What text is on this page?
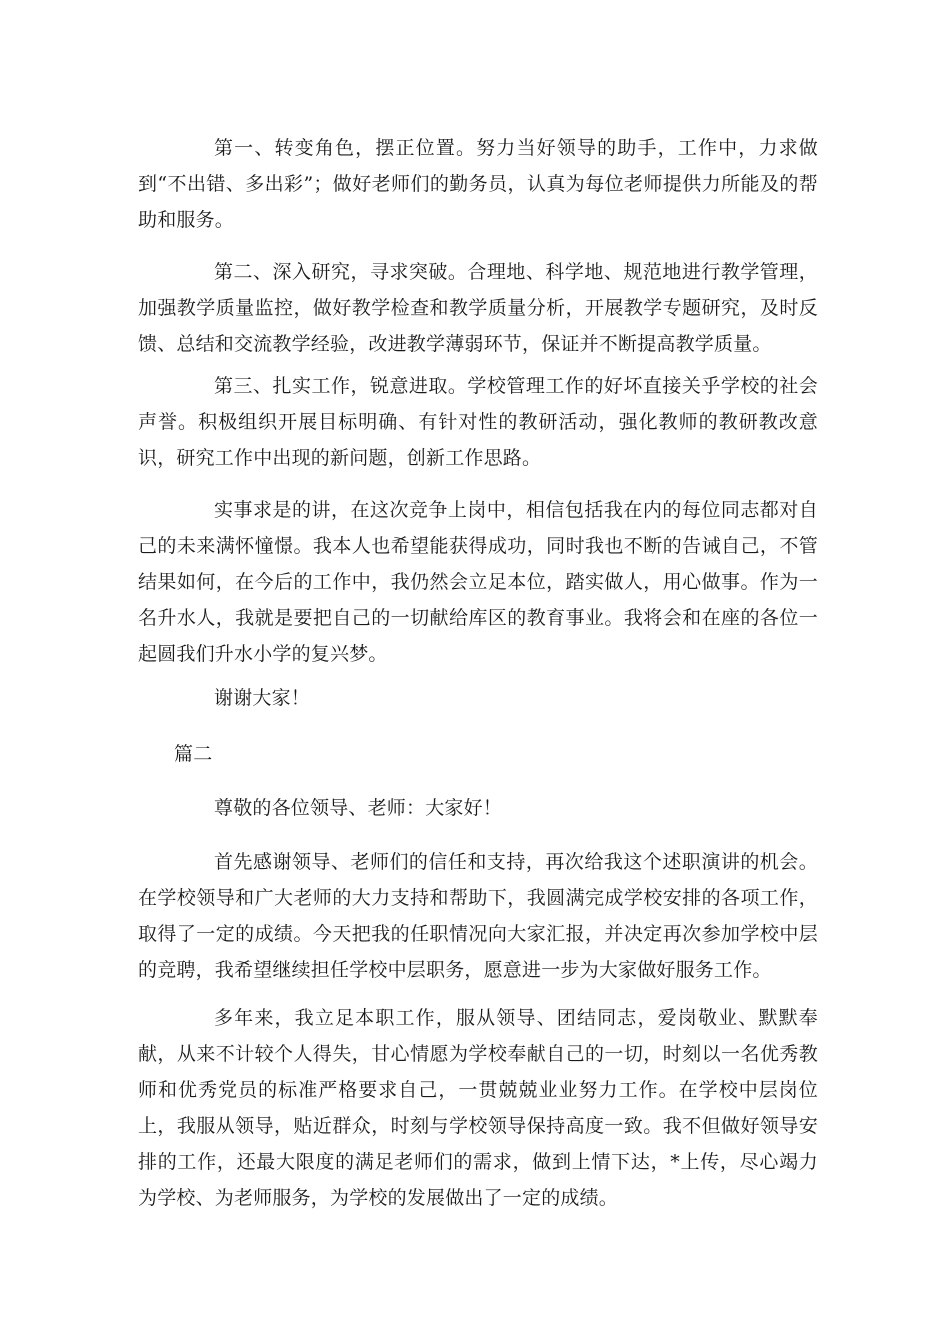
第一、转变角色，摆正位置。努力当好领导的助手，工作中，力求做到“不出错、多出彩”；做好老师们的勤务员，认真为每位老师提供力所能及的帮助和服务。

第二、深入研究，寻求突破。合理地、科学地、规范地进行教学管理，加强教学质量监控，做好教学检查和教学质量分析，开展教学专题研究，及时反馈、总结和交流教学经验，改进教学薄弱环节，保证并不断提高教学质量。

第三、扎实工作，锐意进取。学校管理工作的好坏直接关乎学校的社会声誉。积极组织开展目标明确、有针对性的教研活动，强化教师的教研教改意识，研究工作中出现的新问题，创新工作思路。

实事求是的讲，在这次竞争上岗中，相信包括我在内的每位同志都对自己的未来满怀憧憬。我本人也希望能获得成功，同时我也不断的告诫自己，不管结果如何，在今后的工作中，我仍然会立足本位，踏实做人，用心做事。作为一名升水人，我就是要把自己的一切献给库区的教育事业。我将会和在座的各位一起圆我们升水小学的复兴梦。

谢谢大家！

篇二

尊敬的各位领导、老师：大家好！

首先感谢领导、老师们的信任和支持，再次给我这个述职演讲的机会。在学校领导和广大老师的大力支持和帮助下，我圆满完成学校安排的各项工作，取得了一定的成绩。今天把我的任职情况向大家汇报，并决定再次参加学校中层的竞聘，我希望继续担任学校中层职务，愿意进一步为大家做好服务工作。

多年来，我立足本职工作，服从领导、团结同志，爱岗敬业、默默奉献，从来不计较个人得失，甘心情愿为学校奉献自己的一切，时刻以一名优秀教师和优秀党员的标准严格要求自己，一贯兢兢业业努力工作。在学校中层岗位上，我服从领导，贴近群众，时刻与学校领导保持高度一致。我不但做好领导安排的工作，还最大限度的满足老师们的需求，做到上情下达，*上传，尽心竭力为学校、为老师服务，为学校的发展做出了一定的成绩。
